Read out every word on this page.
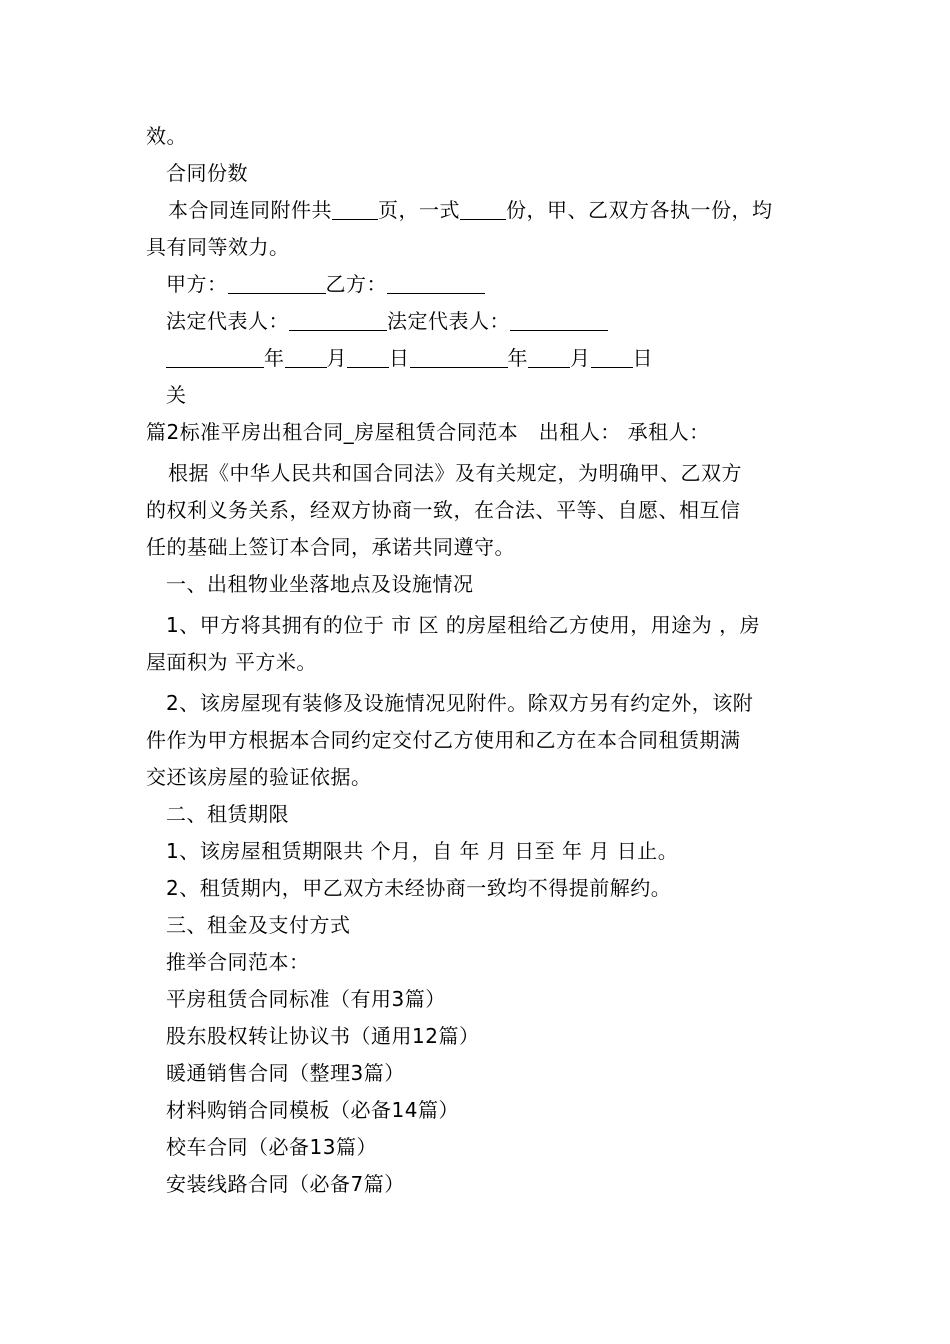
效。
合同份数
本合同连同附件共 页，一式 份，甲、乙双方各执一份，均
具有同等效力。
甲方：	乙方：
法定代表人：	法定代表人：
年 月 日	年 月 日
关
篇2标准平房出租合同_房屋租赁合同范本　出租人： 承租人：
根据《中华人民共和国合同法》及有关规定，为明确甲、乙双方
的权利义务关系，经双方协商一致，在合法、平等、自愿、相互信
任的基础上签订本合同，承诺共同遵守。
一、出租物业坐落地点及设施情况
1、甲方将其拥有的位于 市 区 的房屋租给乙方使用，用途为 ，房
屋面积为 平方米。
2、该房屋现有装修及设施情况见附件。除双方另有约定外，该附
件作为甲方根据本合同约定交付乙方使用和乙方在本合同租赁期满
交还该房屋的验证依据。
二、租赁期限
1、该房屋租赁期限共 个月，自 年 月 日至 年 月 日止。
2、租赁期内，甲乙双方未经协商一致均不得提前解约。
三、租金及支付方式
推举合同范本：
平房租赁合同标准（有用3篇）
股东股权转让协议书（通用12篇）
暖通销售合同（整理3篇）
材料购销合同模板（必备14篇）
校车合同（必备13篇）
安装线路合同（必备7篇）
